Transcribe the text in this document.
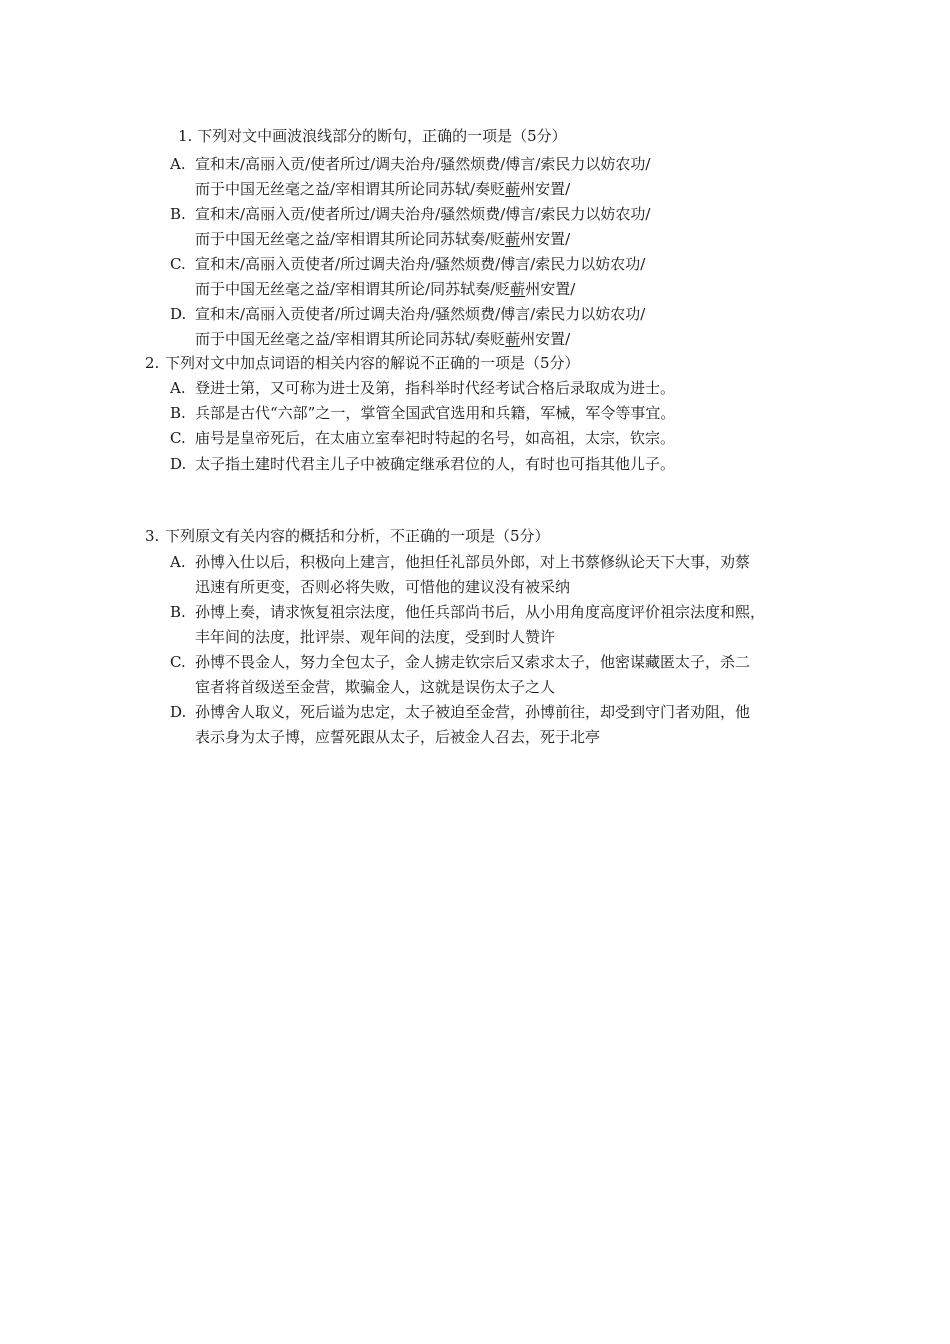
1. 下列对文中画波浪线部分的断句，正确的一项是（5分）
A. 宣和末/高丽入贡/使者所过/调夫治舟/骚然烦费/傅言/索民力以妨农功/
而于中国无丝毫之益/宰相谓其所论同苏轼/奏贬蕲州安置/
B. 宣和末/高丽入贡/使者所过/调夫治舟/骚然烦费/傅言/索民力以妨农功/
而于中国无丝毫之益/宰相谓其所论同苏轼奏/贬蕲州安置/
C. 宣和末/高丽入贡使者/所过调夫治舟/骚然烦费/傅言/索民力以妨农功/
而于中国无丝毫之益/宰相谓其所论/同苏轼奏/贬蕲州安置/
D. 宣和末/高丽入贡使者/所过调夫治舟/骚然烦费/傅言/索民力以妨农功/
而于中国无丝毫之益/宰相谓其所论同苏轼/奏贬蕲州安置/
2. 下列对文中加点词语的相关内容的解说不正确的一项是（5分）
A. 登进士第，又可称为进士及第，指科举时代经考试合格后录取成为进士。
B. 兵部是古代“六部”之一，掌管全国武官选用和兵籍，军械，军令等事宜。
C. 庙号是皇帝死后，在太庙立室奉祀时特起的名号，如高祖，太宗，钦宗。
D. 太子指土建时代君主儿子中被确定继承君位的人，有时也可指其他儿子。
3. 下列原文有关内容的概括和分析，不正确的一项是（5分）
A. 孙博入仕以后，积极向上建言，他担任礼部员外郎，对上书蔡修纵论天下大事，劝蔡
迅速有所更变，否则必将失败，可惜他的建议没有被采纳
B. 孙博上奏，请求恢复祖宗法度，他任兵部尚书后，从小用角度高度评价祖宗法度和熙，
丰年间的法度，批评崇、观年间的法度，受到时人赞许
C. 孙博不畏金人，努力全包太子，金人掳走钦宗后又索求太子，他密谋藏匿太子，杀二
宦者将首级送至金营，欺骗金人，这就是误伤太子之人
D. 孙博舍人取义，死后谥为忠定，太子被迫至金营，孙博前往，却受到守门者劝阻，他
表示身为太子博，应誓死跟从太子，后被金人召去，死于北亭
